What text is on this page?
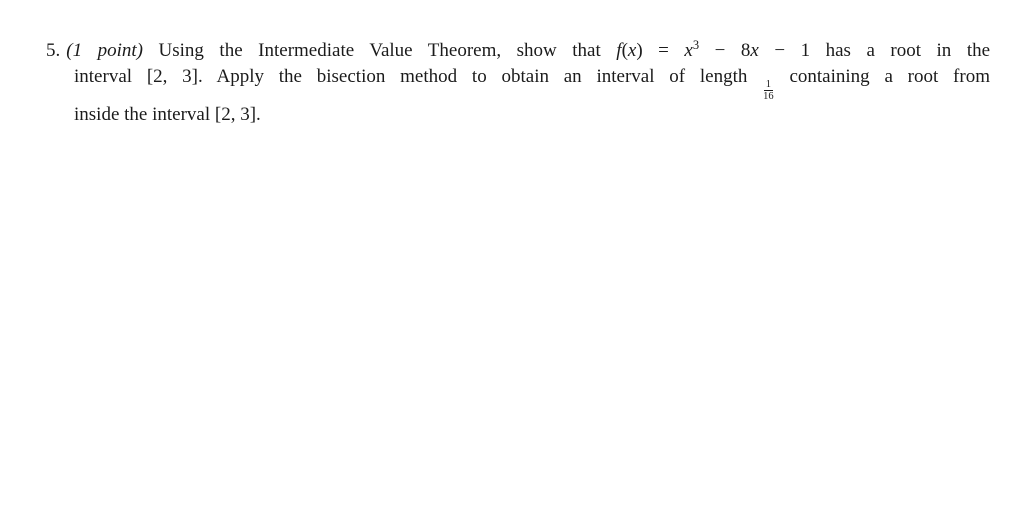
5. (1 point) Using the Intermediate Value Theorem, show that $f(x) = x^3 - 8x - 1$ has a root in the
interval [2, 3]. Apply the bisection method to obtain an interval of length
$\frac{1}{16}$
containing a root from
inside the interval [2, 3].
